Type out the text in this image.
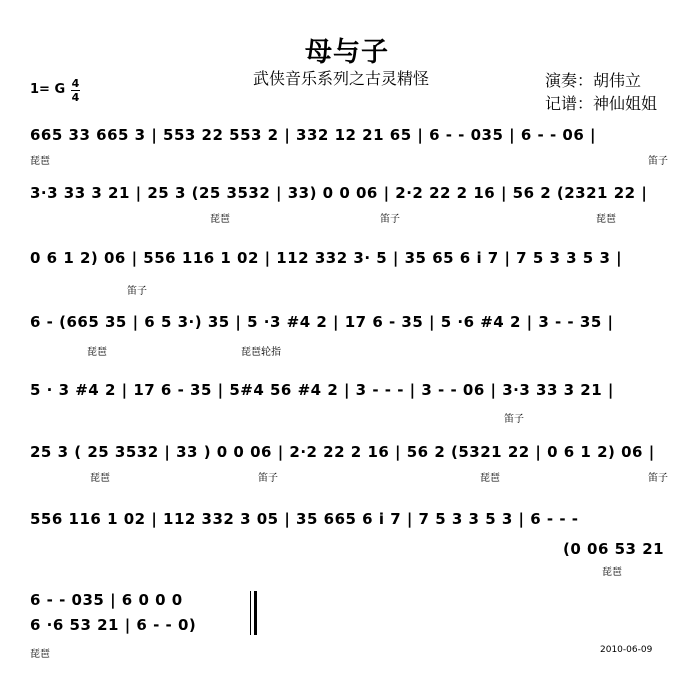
母与子
武侠音乐系列之古灵精怪	演奏：胡伟立
记谱：神仙姐姐
1= G 4
4
665 33 665 3 | 553 22 553 2 | 332 12 21 65 | 6 - - 035 | 6 - - 06 |
琵琶	笛子
3·3 33 3 21 | 25 3 (25 3532 | 33) 0 0 06 | 2·2 22 2 16 | 56 2 (2321 22 |
琵琶	笛子	琵琶
0 6 1 2) 06 | 556 116 1 02 | 112 332 3· 5 | 35 65 6 i 7 | 7 5 3 3 5 3 |
笛子
6 - (665 35 | 6 5 3·) 35 | 5 ·3 #4 2 | 17 6 - 35 | 5 ·6 #4 2 | 3 - - 35 |
琵琶	琵琶轮指
5 · 3 #4 2 | 17 6 - 35 | 5#4 56 #4 2 | 3 - - - | 3 - - 06 | 3·3 33 3 21 |
笛子
25 3 ( 25 3532 | 33 ) 0 0 06 | 2·2 22 2 16 | 56 2 (5321 22 | 0 6 1 2) 06 |
琵琶	笛子	琵琶	笛子
556 116 1 02 | 112 332 3 05 | 35 665 6 i 7 | 7 5 3 3 5 3 | 6 - - -
(0 06 53 21
琵琶
6 - - 035 | 6 0 0 0
6 ·6 53 21 | 6 - - 0)
琵琶	2010-06-09
